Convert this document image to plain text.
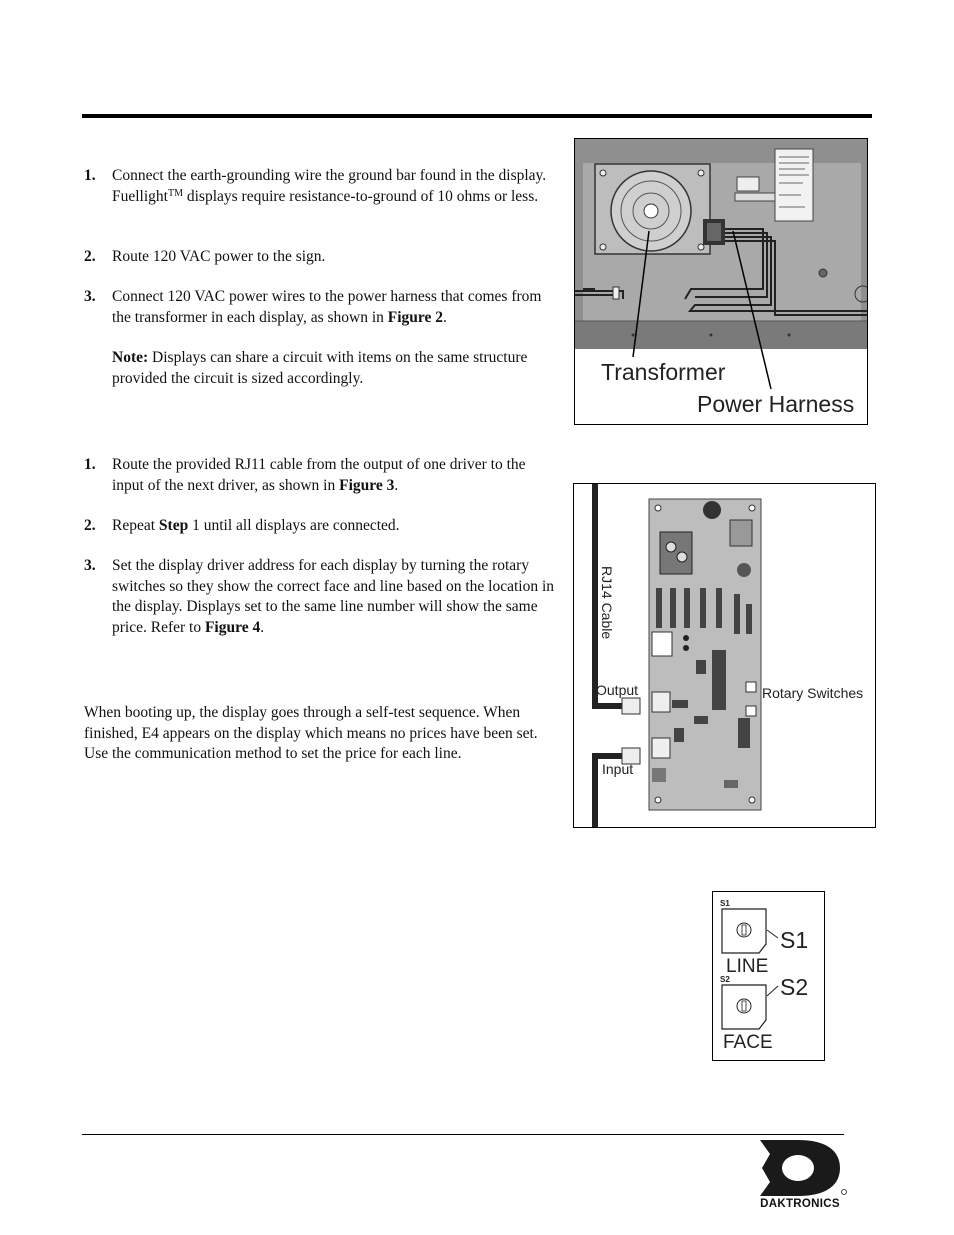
1. Connect the earth-grounding wire the ground bar found in the display. Fuellight™ displays require resistance-to-ground of 10 ohms or less.
2. Route 120 VAC power to the sign.
3. Connect 120 VAC power wires to the power harness that comes from the transformer in each display, as shown in Figure 2.
Note: Displays can share a circuit with items on the same structure provided the circuit is sized accordingly.
1. Route the provided RJ11 cable from the output of one driver to the input of the next driver, as shown in Figure 3.
2. Repeat Step 1 until all displays are connected.
3. Set the display driver address for each display by turning the rotary switches so they show the correct face and line based on the location in the display. Displays set to the same line number will show the same price. Refer to Figure 4.
When booting up, the display goes through a self-test sequence. When finished, E4 appears on the display which means no prices have been set. Use the communication method to set the price for each line.
Transformer
Power Harness
RJ14 Cable
Output
Input
Rotary Switches
S1
S1
LINE
S2 S2
FACE
DAKTRONICS
